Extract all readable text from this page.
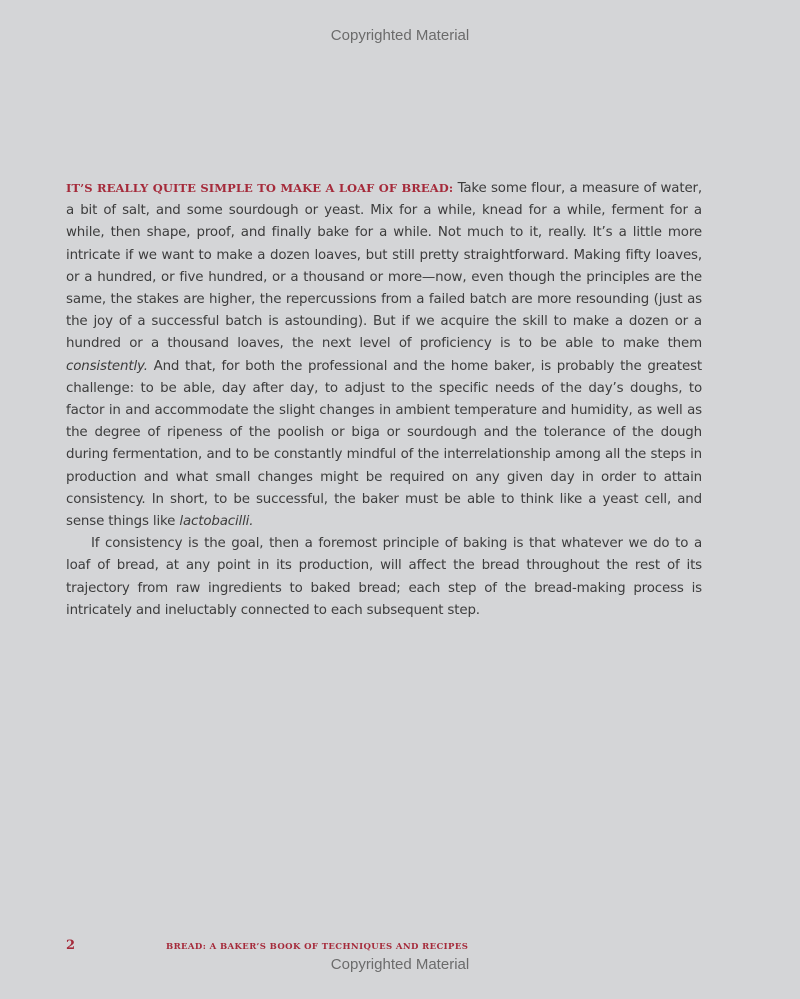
Copyrighted Material

IT’S REALLY QUITE SIMPLE TO MAKE A LOAF OF BREAD: Take some flour, a measure of water, a bit of salt, and some sourdough or yeast. Mix for a while, knead for a while, ferment for a while, then shape, proof, and finally bake for a while. Not much to it, really. It’s a little more intricate if we want to make a dozen loaves, but still pretty straightforward. Making fifty loaves, or a hundred, or five hundred, or a thousand or more—now, even though the principles are the same, the stakes are higher, the repercussions from a failed batch are more resounding (just as the joy of a successful batch is astounding). But if we acquire the skill to make a dozen or a hundred or a thousand loaves, the next level of proficiency is to be able to make them consistently. And that, for both the professional and the home baker, is probably the greatest challenge: to be able, day after day, to adjust to the specific needs of the day’s doughs, to factor in and accommodate the slight changes in ambient temperature and humidity, as well as the degree of ripeness of the poolish or biga or sourdough and the tolerance of the dough during fermentation, and to be constantly mindful of the interrelationship among all the steps in production and what small changes might be required on any given day in order to attain consistency. In short, to be successful, the baker must be able to think like a yeast cell, and sense things like lactobacilli.

If consistency is the goal, then a foremost principle of baking is that whatever we do to a loaf of bread, at any point in its production, will affect the bread throughout the rest of its trajectory from raw ingredients to baked bread; each step of the bread-making process is intricately and ineluctably connected to each subsequent step.

2	BREAD: A BAKER’S BOOK OF TECHNIQUES AND RECIPES
Copyrighted Material
